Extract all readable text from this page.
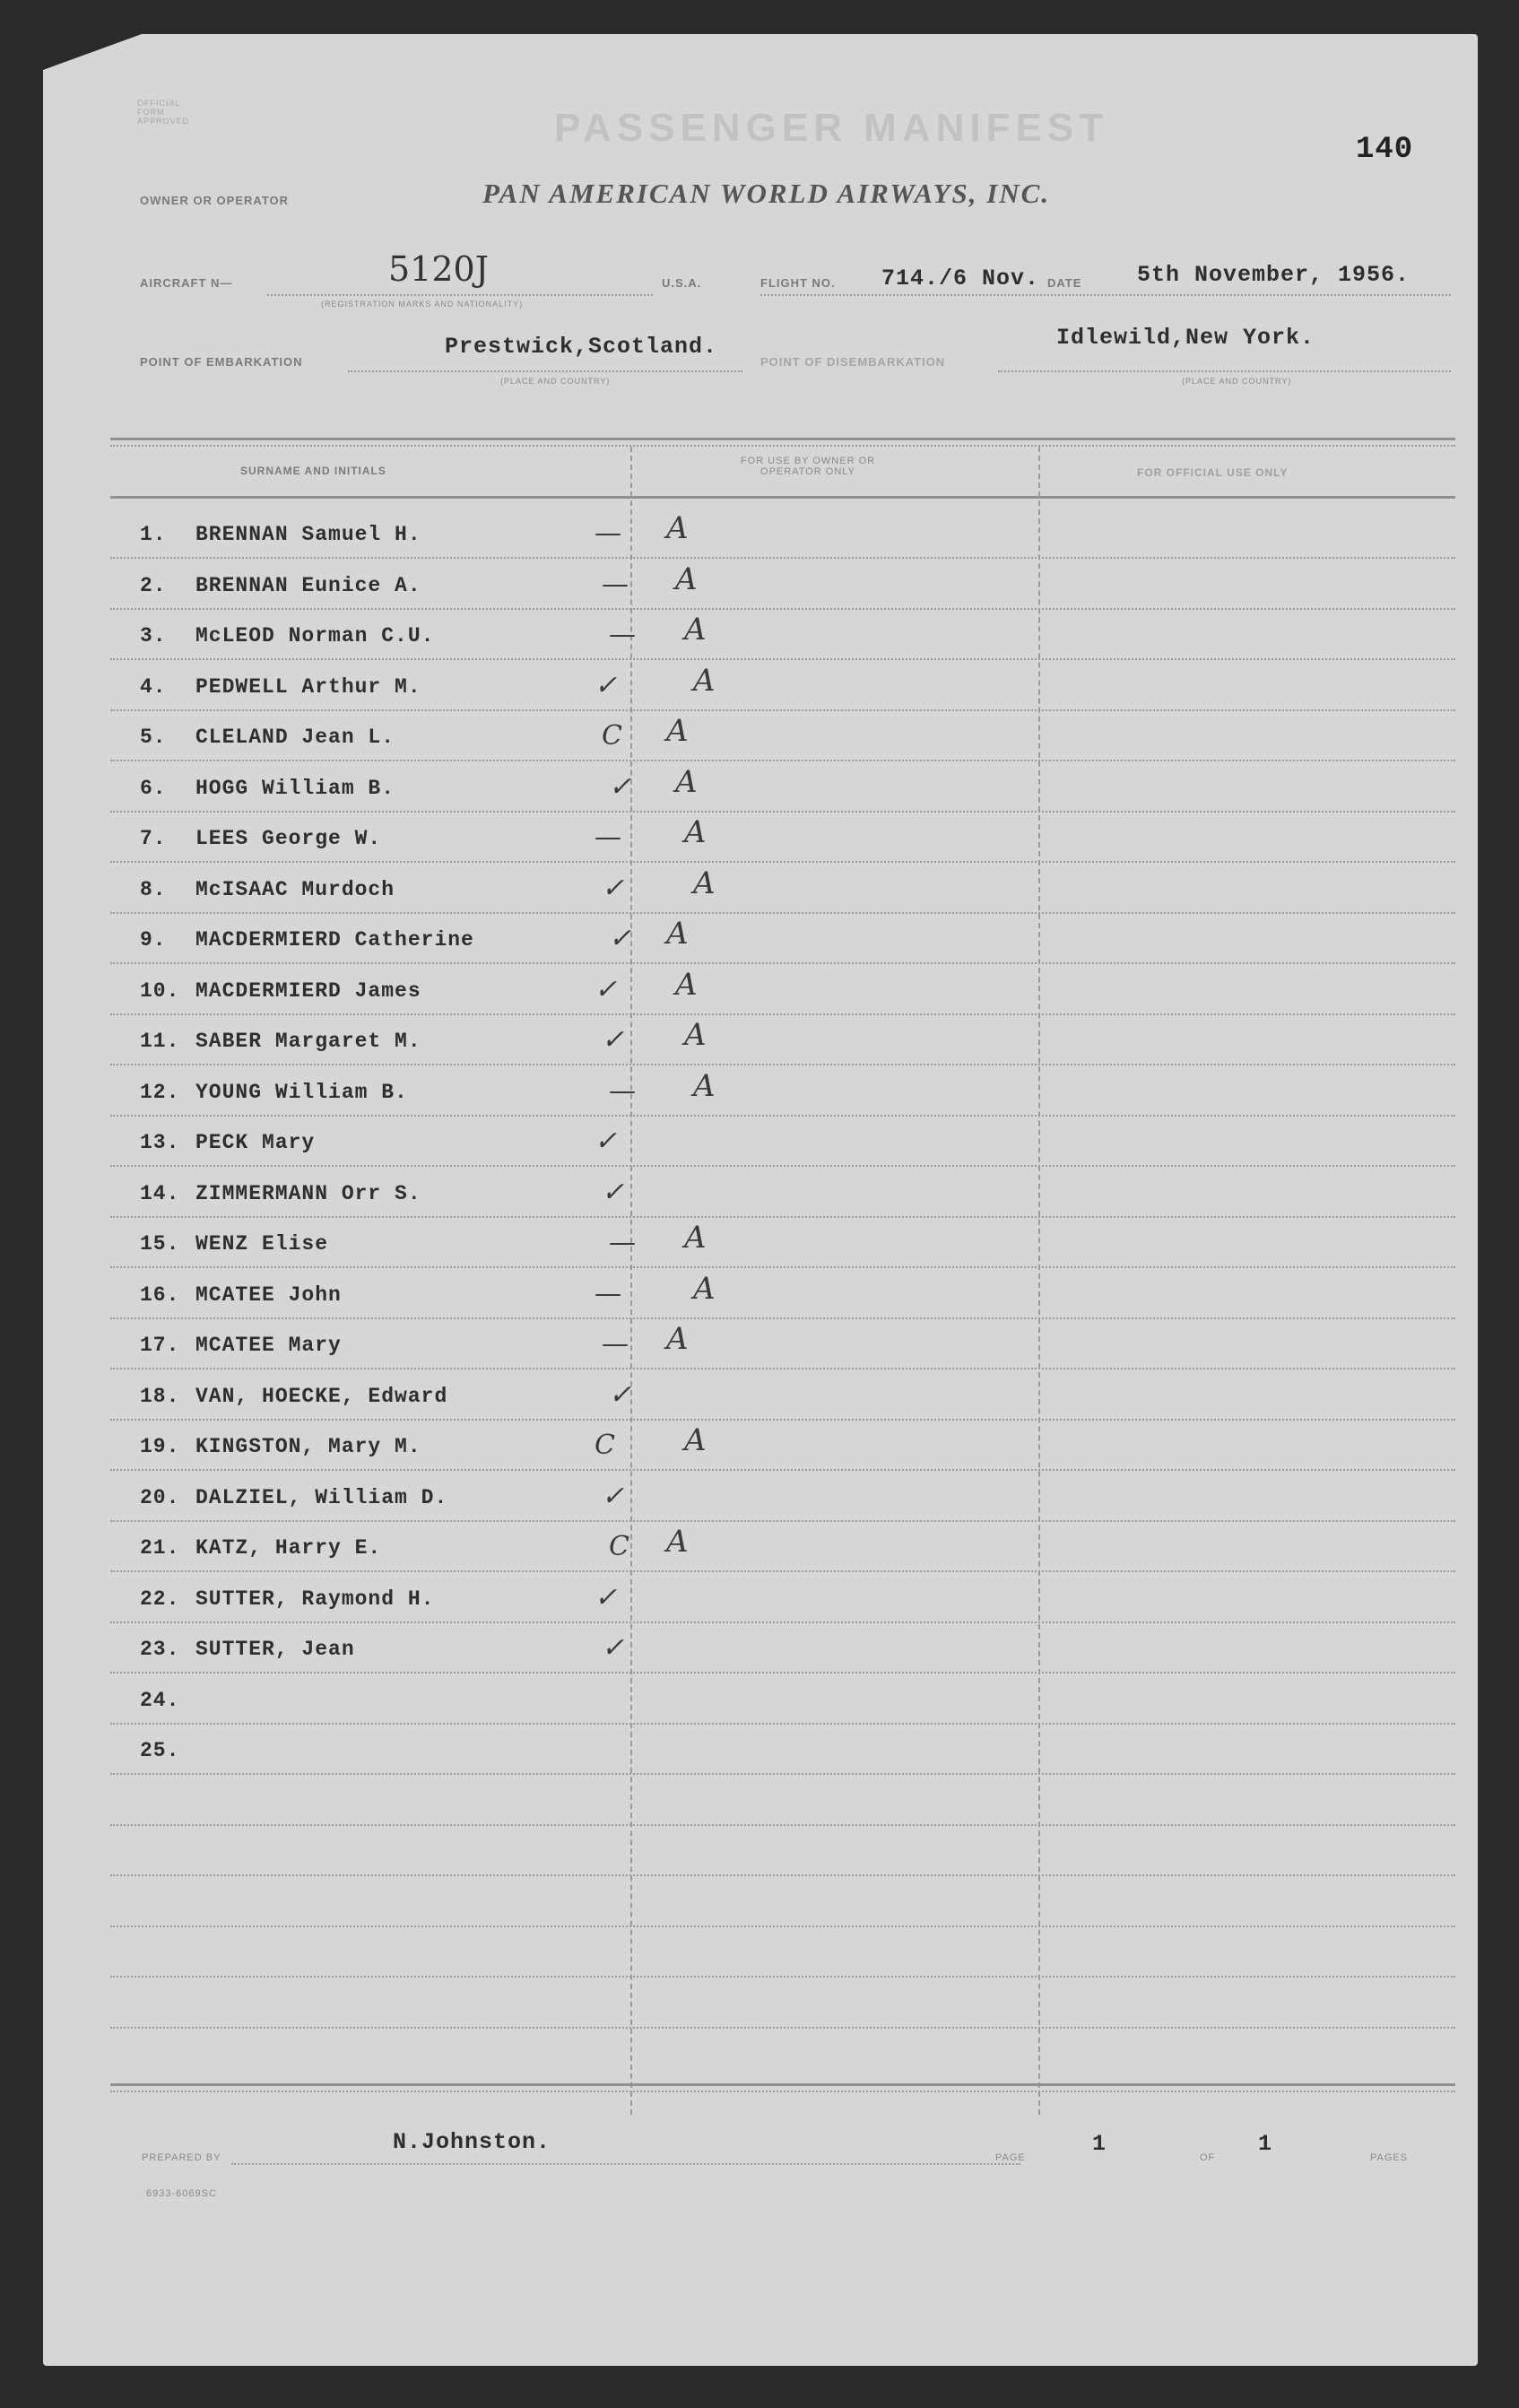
OFFICIAL FORM APPROVED	PASSENGER MANIFEST	140
OWNER OR OPERATOR	PAN AMERICAN WORLD AIRWAYS, INC.
AIRCRAFT N—	5120J
(REGISTRATION MARKS AND NATIONALITY)
U.S.A.	FLIGHT NO. 714./6 Nov. DATE 5th November, 1956.
POINT OF EMBARKATION
Prestwick,Scotland.
(PLACE AND COUNTRY)
POINT OF DISEMBARKATION
Idlewild,New York.
(PLACE AND COUNTRY)
SURNAME AND INITIALS
FOR USE BY OWNER OR OPERATOR ONLY	FOR OFFICIAL USE ONLY
1. BRENNAN Samuel H.	— A
2. BRENNAN Eunice A.	— A
3. McLEOD Norman C.U.	— A
4. PEDWELL Arthur M.	✓ A
5. CLELAND Jean L.	C A
6. HOGG William B.	✓ A
7. LEES George W.	— A
8. McISAAC Murdoch	✓ A
9. MACDERMIERD Catherine	✓ A
10. MACDERMIERD James	✓ A
11. SABER Margaret M.	✓ A
12. YOUNG William B.	— A
13. PECK Mary	✓
14. ZIMMERMANN Orr S.	✓
15. WENZ Elise	— A
16. MCATEE John	— A
17. MCATEE Mary	— A
18. VAN, HOECKE, Edward	✓
19. KINGSTON, Mary M.	C A
20. DALZIEL, William D.	✓
21. KATZ, Harry E.	C A
22. SUTTER, Raymond H.	✓
23. SUTTER, Jean	✓
24.
25.
PREPARED BY
N.Johnston.
PAGE
1
OF
1
PAGES
6933-6069SC
